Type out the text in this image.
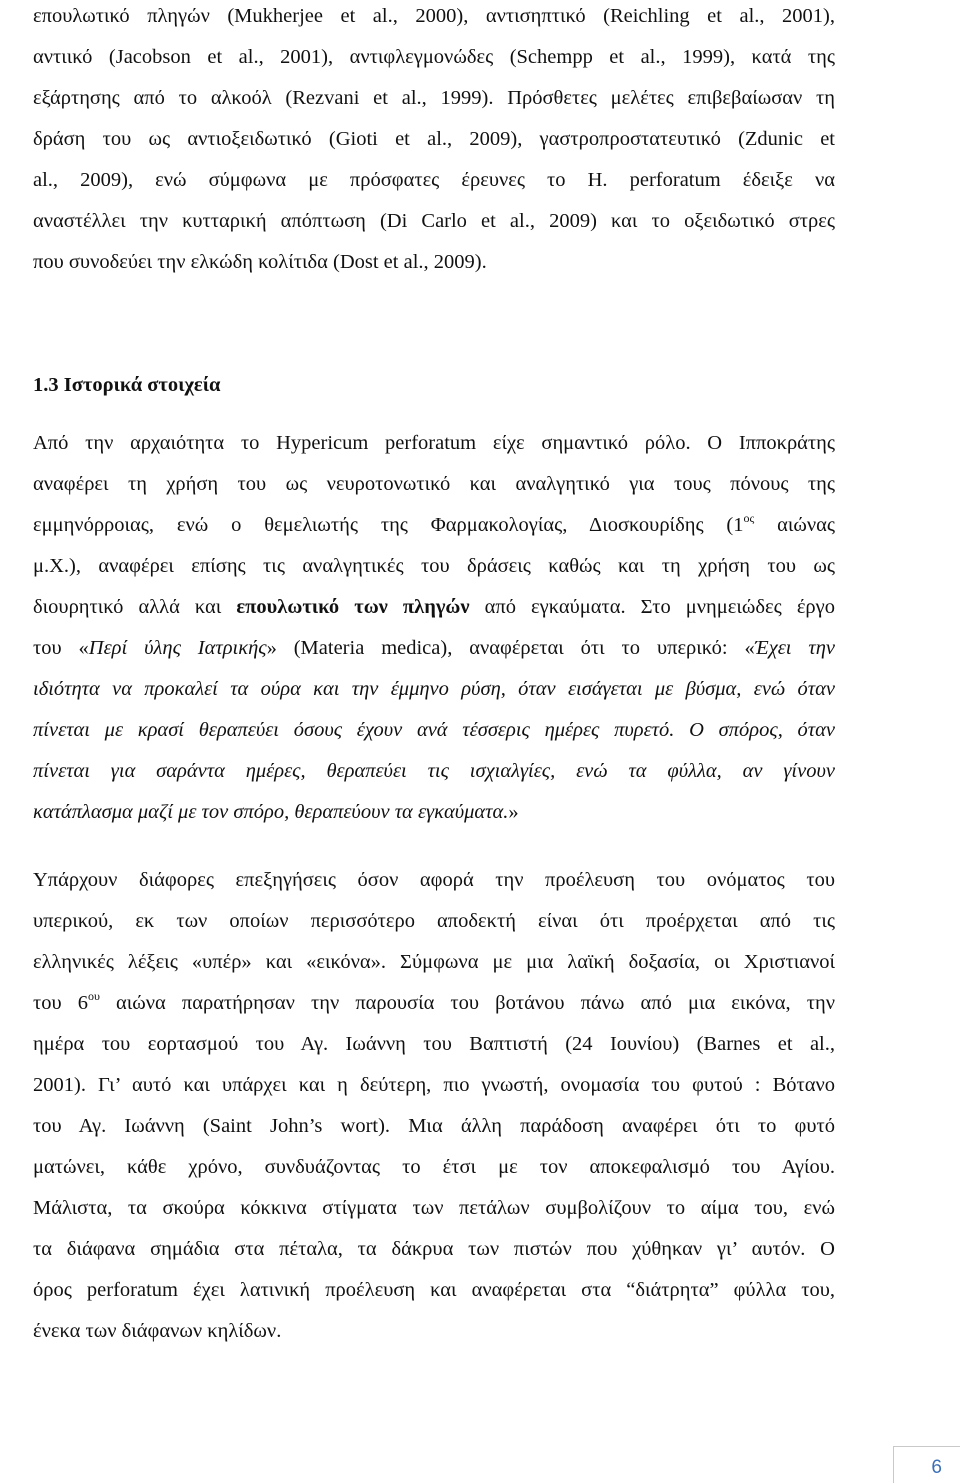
επουλωτικό πληγών (Mukherjee et al., 2000), αντισηπτικό (Reichling et al., 2001),
αντιικό (Jacobson et al., 2001), αντιφλεγμονώδες (Schempp et al., 1999), κατά της
εξάρτησης από το αλκοόλ (Rezvani et al., 1999). Πρόσθετες μελέτες επιβεβαίωσαν τη
δράση του ως αντιοξειδωτικό (Gioti et al., 2009), γαστροπροστατευτικό (Zdunic et
al., 2009), ενώ σύμφωνα με πρόσφατες έρευνες το H. perforatum έδειξε να
αναστέλλει την κυτταρική απόπτωση (Di Carlo et al., 2009) και το οξειδωτικό στρες
που συνοδεύει την ελκώδη κολίτιδα (Dost et al., 2009).
1.3 Ιστορικά στοιχεία
Από την αρχαιότητα το Hypericum perforatum είχε σημαντικό ρόλο. Ο Ιπποκράτης
αναφέρει τη χρήση του ως νευροτονωτικό και αναλγητικό για τους πόνους της
εμμηνόρροιας, ενώ ο θεμελιωτής της Φαρμακολογίας, Διοσκουρίδης ($1^{o\varsigma}$ αιώνας
μ.Χ.), αναφέρει επίσης τις αναλγητικές του δράσεις καθώς και τη χρήση του ως
διουρητικό αλλά και επουλωτικό των πληγών από εγκαύματα. Στο μνημειώδες έργο
του «Περί ύλης Ιατρικής» (Materia medica), αναφέρεται ότι το υπερικό: «Έχει την
ιδιότητα να προκαλεί τα ούρα και την έμμηνο ρύση, όταν εισάγεται με βύσμα, ενώ όταν
πίνεται με κρασί θεραπεύει όσους έχουν ανά τέσσερις ημέρες πυρετό. Ο σπόρος, όταν
πίνεται για σαράντα ημέρες, θεραπεύει τις ισχιαλγίες, ενώ τα φύλλα, αν γίνουν
κατάπλασμα μαζί με τον σπόρο, θεραπεύουν τα εγκαύματα.»
Υπάρχουν διάφορες επεξηγήσεις όσον αφορά την προέλευση του ονόματος του
υπερικού, εκ των οποίων περισσότερο αποδεκτή είναι ότι προέρχεται από τις
ελληνικές λέξεις «υπέρ» και «εικόνα». Σύμφωνα με μια λαϊκή δοξασία, οι Χριστιανοί
του $6^{o\upsilon}$ αιώνα παρατήρησαν την παρουσία του βοτάνου πάνω από μια εικόνα, την
ημέρα του εορτασμού του Αγ. Ιωάννη του Βαπτιστή (24 Ιουνίου) (Barnes et al.,
2001). Γι’ αυτό και υπάρχει και η δεύτερη, πιο γνωστή, ονομασία του φυτού : Βότανο
του Αγ. Ιωάννη (Saint John’s wort). Μια άλλη παράδοση αναφέρει ότι το φυτό
ματώνει, κάθε χρόνο, συνδυάζοντας το έτσι με τον αποκεφαλισμό του Αγίου.
Μάλιστα, τα σκούρα κόκκινα στίγματα των πετάλων συμβολίζουν το αίμα του, ενώ
τα διάφανα σημάδια στα πέταλα, τα δάκρυα των πιστών που χύθηκαν γι’ αυτόν. Ο
όρος perforatum έχει λατινική προέλευση και αναφέρεται στα “διάτρητα” φύλλα του,
ένεκα των διάφανων κηλίδων.
6
